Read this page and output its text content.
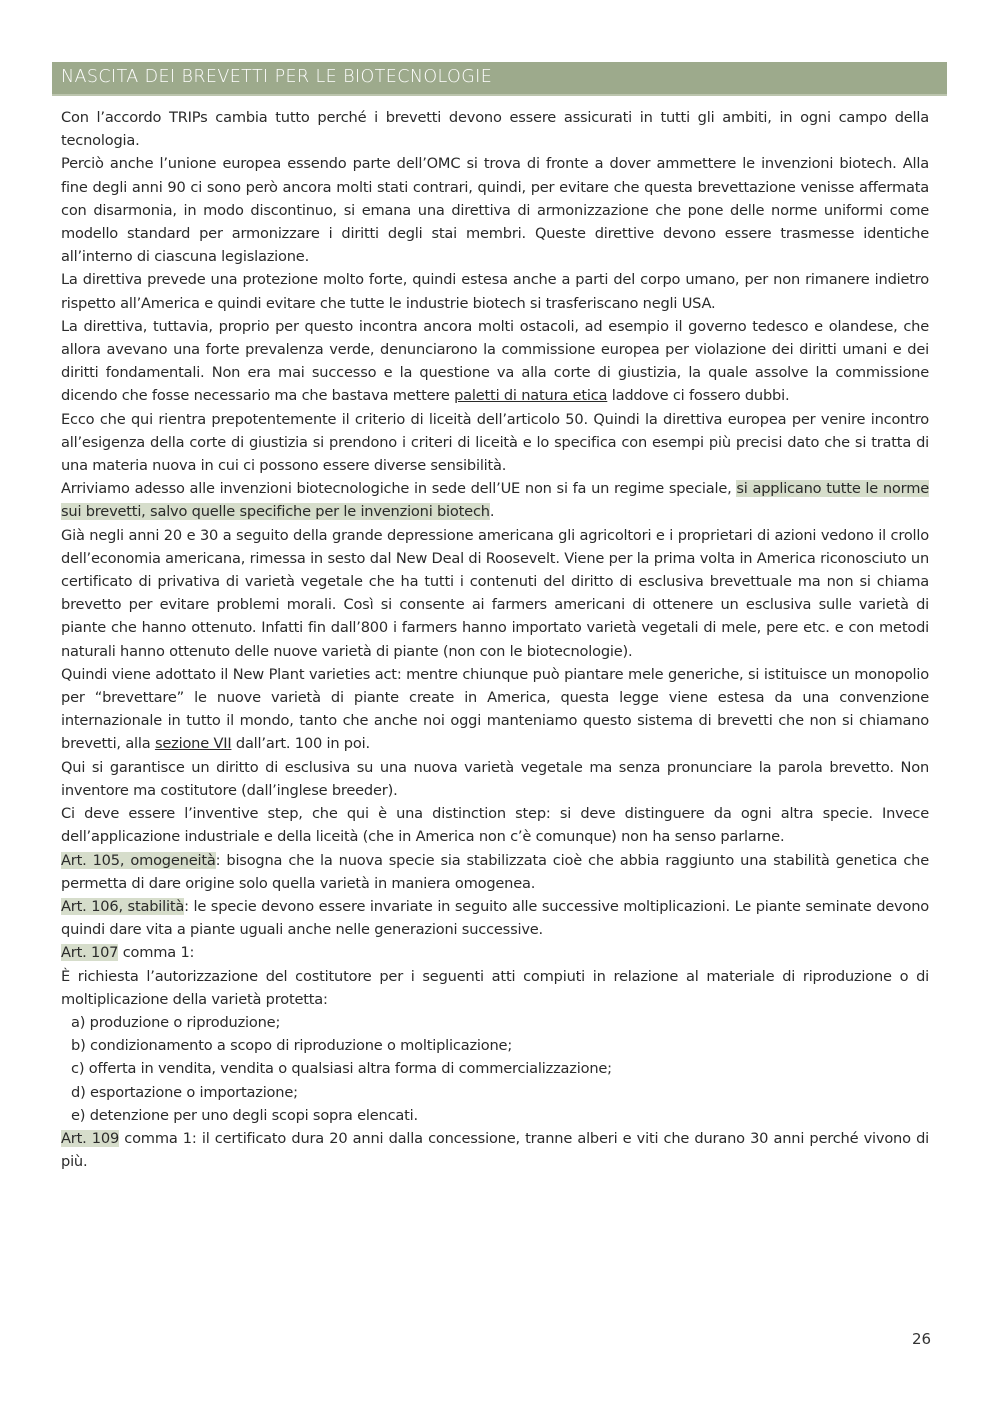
NASCITA DEI BREVETTI PER LE BIOTECNOLOGIE

Con l’accordo TRIPs cambia tutto perché i brevetti devono essere assicurati in tutti gli ambiti, in ogni campo della tecnologia.

Perciò anche l’unione europea essendo parte dell’OMC si trova di fronte a dover ammettere le invenzioni biotech. Alla fine degli anni 90 ci sono però ancora molti stati contrari, quindi, per evitare che questa brevettazione venisse affermata con disarmonia, in modo discontinuo, si emana una direttiva di armonizzazione che pone delle norme uniformi come modello standard per armonizzare i diritti degli stai membri. Queste direttive devono essere trasmesse identiche all’interno di ciascuna legislazione.

La direttiva prevede una protezione molto forte, quindi estesa anche a parti del corpo umano, per non rimanere indietro rispetto all’America e quindi evitare che tutte le industrie biotech si trasferiscano negli USA.

La direttiva, tuttavia, proprio per questo incontra ancora molti ostacoli, ad esempio il governo tedesco e olandese, che allora avevano una forte prevalenza verde, denunciarono la commissione europea per violazione dei diritti umani e dei diritti fondamentali. Non era mai successo e la questione va alla corte di giustizia, la quale assolve la commissione dicendo che fosse necessario ma che bastava mettere paletti di natura etica laddove ci fossero dubbi.

Ecco che qui rientra prepotentemente il criterio di liceità dell’articolo 50. Quindi la direttiva europea per venire incontro all’esigenza della corte di giustizia si prendono i criteri di liceità e lo specifica con esempi più precisi dato che si tratta di una materia nuova in cui ci possono essere diverse sensibilità.

Arriviamo adesso alle invenzioni biotecnologiche in sede dell’UE non si fa un regime speciale, si applicano tutte le norme sui brevetti, salvo quelle specifiche per le invenzioni biotech.

Già negli anni 20 e 30 a seguito della grande depressione americana gli agricoltori e i proprietari di azioni vedono il crollo dell’economia americana, rimessa in sesto dal New Deal di Roosevelt. Viene per la prima volta in America riconosciuto un certificato di privativa di varietà vegetale che ha tutti i contenuti del diritto di esclusiva brevettuale ma non si chiama brevetto per evitare problemi morali. Così si consente ai farmers americani di ottenere un esclusiva sulle varietà di piante che hanno ottenuto. Infatti fin dall’800 i farmers hanno importato varietà vegetali di mele, pere etc. e con metodi naturali hanno ottenuto delle nuove varietà di piante (non con le biotecnologie).

Quindi viene adottato il New Plant varieties act: mentre chiunque può piantare mele generiche, si istituisce un monopolio per “brevettare” le nuove varietà di piante create in America, questa legge viene estesa da una convenzione internazionale in tutto il mondo, tanto che anche noi oggi manteniamo questo sistema di brevetti che non si chiamano brevetti, alla sezione VII dall’art. 100 in poi.

Qui si garantisce un diritto di esclusiva su una nuova varietà vegetale ma senza pronunciare la parola brevetto. Non inventore ma costitutore (dall’inglese breeder).

Ci deve essere l’inventive step, che qui è una distinction step: si deve distinguere da ogni altra specie. Invece dell’applicazione industriale e della liceità (che in America non c’è comunque) non ha senso parlarne.

Art. 105, omogeneità: bisogna che la nuova specie sia stabilizzata cioè che abbia raggiunto una stabilità genetica che permetta di dare origine solo quella varietà in maniera omogenea.

Art. 106, stabilità: le specie devono essere invariate in seguito alle successive moltiplicazioni. Le piante seminate devono quindi dare vita a piante uguali anche nelle generazioni successive.

Art. 107 comma 1:

È richiesta l’autorizzazione del costitutore per i seguenti atti compiuti in relazione al materiale di riproduzione o di moltiplicazione della varietà protetta:

a) produzione o riproduzione;

b) condizionamento a scopo di riproduzione o moltiplicazione;

c) offerta in vendita, vendita o qualsiasi altra forma di commercializzazione;

d) esportazione o importazione;

e) detenzione per uno degli scopi sopra elencati.

Art. 109 comma 1: il certificato dura 20 anni dalla concessione, tranne alberi e viti che durano 30 anni perché vivono di più.

26
